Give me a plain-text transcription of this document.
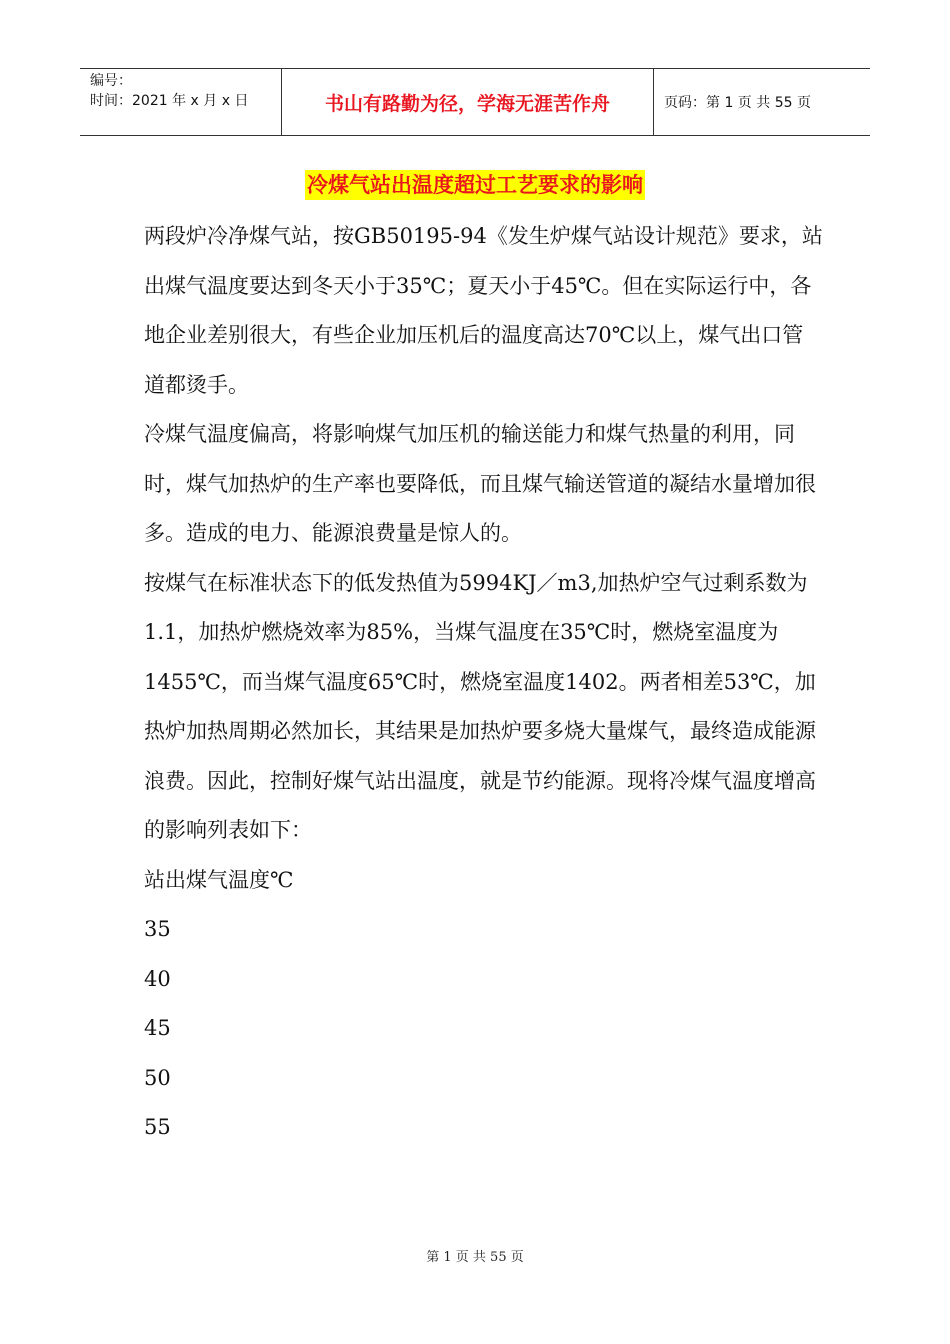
编号：
时间：2021 年 x 月 x 日	书山有路勤为径，学海无涯苦作舟	页码：第 1 页 共 55 页
冷煤气站出温度超过工艺要求的影响

两段炉冷净煤气站，按GB50195-94《发生炉煤气站设计规范》要求，站出煤气温度要达到冬天小于35℃；夏天小于45℃。但在实际运行中，各地企业差别很大，有些企业加压机后的温度高达70℃以上，煤气出口管道都烫手。

冷煤气温度偏高，将影响煤气加压机的输送能力和煤气热量的利用，同时，煤气加热炉的生产率也要降低，而且煤气输送管道的凝结水量增加很多。造成的电力、能源浪费量是惊人的。

按煤气在标准状态下的低发热值为5994KJ／m3,加热炉空气过剩系数为1.1，加热炉燃烧效率为85%，当煤气温度在35℃时，燃烧室温度为1455℃，而当煤气温度65℃时，燃烧室温度1402。两者相差53℃，加热炉加热周期必然加长，其结果是加热炉要多烧大量煤气，最终造成能源浪费。因此，控制好煤气站出温度，就是节约能源。现将冷煤气温度增高的影响列表如下：

站出煤气温度℃

35

40

45

50

55

第 1 页 共 55 页
